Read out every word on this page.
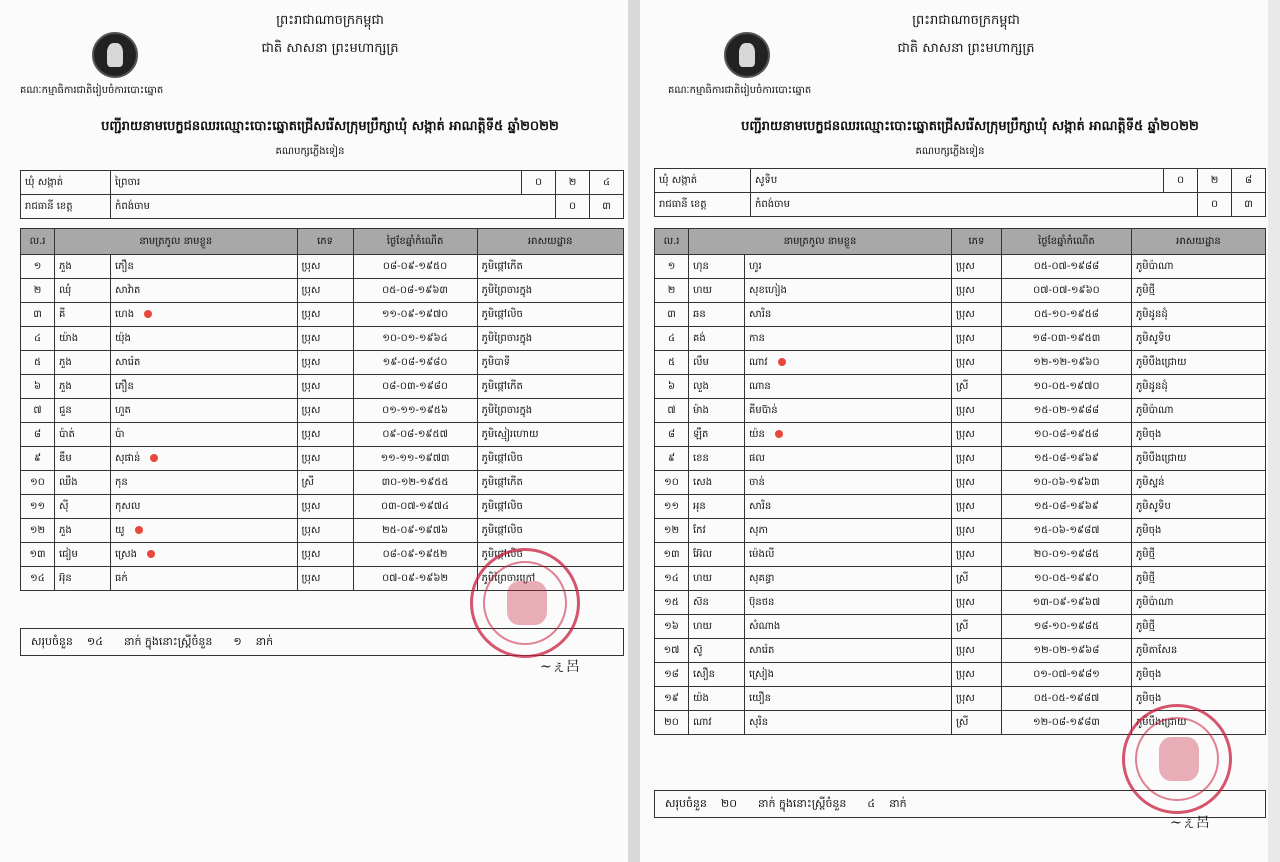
ព្រះរាជាណាចក្រកម្ពុជា
ជាតិ សាសនា ព្រះមហាក្សត្រ
គណៈកម្មាធិការជាតិរៀបចំការបោះឆ្នោត
បញ្ជីរាយនាមបេក្ខជនឈរឈ្មោះបោះឆ្នោតជ្រើសរើសក្រុមប្រឹក្សាឃុំ សង្កាត់ អាណត្តិទី៥ ឆ្នាំ២០២២
គណបក្សភ្លើងទៀន
ឃុំ សង្កាត់	ព្រៃចារ	០	២	៤
រាជធានី ខេត្ត	កំពង់ចាម		០	៣
ល.រ	នាមត្រកូល នាមខ្លួន		ភេទ	ថ្ងៃខែឆ្នាំកំណើត	អាសយដ្ឋាន
១	ភួង	ភឿន	ប្រុស	០៨-០៩-១៩៥០	ភូមិផ្កៅកើត
២	ឈុំ	សាវ៉ាត	ប្រុស	០៥-០៨-១៩៦៣	ភូមិព្រៃចារក្នុង
៣	គី	ហេង	ប្រុស	១១-០៩-១៩៧០	ភូមិផ្កៅលិច
៤	យ៉ាង	យ៉ុង	ប្រុស	១០-០១-១៩៦៤	ភូមិព្រៃចារក្នុង
៥	ភួង	សារ៉េត	ប្រុស	១៩-០៨-១៩៨០	ភូមិបាទី
៦	ភួង	ភឿន	ប្រុស	០៨-០៣-១៩៨០	ភូមិផ្កៅកើត
៧	ជួន	ហួត	ប្រុស	០១-១១-១៩៥៦	ភូមិព្រៃចារក្នុង
៨	ប៉ាត់	ប៉ា	ប្រុស	០៩-០៨-១៩៥៧	ភូមិស្មៀរហោយ
៩	ឌឹម	សុផាន់	ប្រុស	១១-១១-១៩៧៣	ភូមិផ្កៅលិច
១០	ឈឹង	កុន	ស្រី	៣០-១២-១៩៥៥	ភូមិផ្កៅកើត
១១	ស៊ី	កុសល	ប្រុស	០៣-០៧-១៩៧៤	ភូមិផ្កៅលិច
១២	ភួង	យូ	ប្រុស	២៥-០៩-១៩៧៦	ភូមិផ្កៅលិច
១៣	ជៀម	ស្រេង	ប្រុស	០៨-០៩-១៩៥២	ភូមិផ្កៅលិច
១៤	អ៊ុន	ធក់	ប្រុស	០៧-០៩-១៩៦២	ភូមិព្រៃចារក្រៅ
សរុបចំនួន    ១៤      នាក់ ក្នុងនោះស្រ្តីចំនួន      ១    នាក់
~ぇ呂
ព្រះរាជាណាចក្រកម្ពុជា
ជាតិ សាសនា ព្រះមហាក្សត្រ
គណៈកម្មាធិការជាតិរៀបចំការបោះឆ្នោត
បញ្ជីរាយនាមបេក្ខជនឈរឈ្មោះបោះឆ្នោតជ្រើសរើសក្រុមប្រឹក្សាឃុំ សង្កាត់ អាណត្តិទី៥ ឆ្នាំ២០២២
គណបក្សភ្លើងទៀន
ឃុំ សង្កាត់	សូទិប	០	២	៨
រាជធានី ខេត្ត	កំពង់ចាម		០	៣
ល.រ	នាមត្រកូល នាមខ្លួន		ភេទ	ថ្ងៃខែឆ្នាំកំណើត	អាសយដ្ឋាន
១	ហុន	ហូរ	ប្រុស	០៥-០៧-១៩៨៨	ភូមិប៉ាណា
២	ហយ	សុខហៀង	ប្រុស	០៧-០៧-១៩៦០	ភូមិថ្មី
៣	ឆន	សារិន	ប្រុស	០៥-១០-១៩៥៨	ភូមិដូនដុំ
៤	គង់	កាន	ប្រុស	១៨-០៣-១៩៥៣	ភូមិសូទិប
៥	លឹម	ណាវ	ប្រុស	១២-១២-១៩៦០	ភូមិបឹងជ្រោយ
៦	លួង	ណាន	ស្រី	១០-០៥-១៩៧០	ភូមិដូនដុំ
៧	ម៉ាង	គីមប៊ាន់	ប្រុស	១៥-០២-១៩៨៨	ភូមិប៉ាណា
៨	ឡឹត	យ៉ន	ប្រុស	១០-០៨-១៩៥៨	ភូមិចុង
៩	ខេន	ផល	ប្រុស	១៥-០៨-១៩៦៩	ភូមិបឹងជ្រោយ
១០	សេង	ចាន់	ប្រុស	១០-០៦-១៩៦៣	ភូមិស្ទន់
១១	អុន	សារិន	ប្រុស	១៥-០៨-១៩៦៩	ភូមិសូទិប
១២	កែវ	សុភា	ប្រុស	១៥-០៦-១៩៨៧	ភូមិចុង
១៣	អ៊ែល	ម៉េងលី	ប្រុស	២០-០១-១៩៨៥	ភូមិថ្មី
១៤	ហយ	សុគន្ធា	ស្រី	១០-០៥-១៩៩០	ភូមិថ្មី
១៥	ស៊ន	ប៊ុនថន	ប្រុស	១៣-០៩-១៩៦៧	ភូមិប៉ាណា
១៦	ហយ	សំណាង	ស្រី	១៨-១០-១៩៨៥	ភូមិថ្មី
១៧	ស៊ូ	សារ៉េត	ប្រុស	១២-០២-១៩៦៨	ភូមិតាសែន
១៨	សឿន	ស្រៀង	ប្រុស	០១-០៧-១៩៨១	ភូមិចុង
១៩	យ៉ង	យឿន	ប្រុស	០៥-០៥-១៩៨៧	ភូមិចុង
២០	ណាវ	សុរិន	ស្រី	១២-០៨-១៩៨៣	ភូមិបឹងជ្រោយ
សរុបចំនួន    ២០      នាក់ ក្នុងនោះស្រ្តីចំនួន      ៤    នាក់
~ぇ呂
